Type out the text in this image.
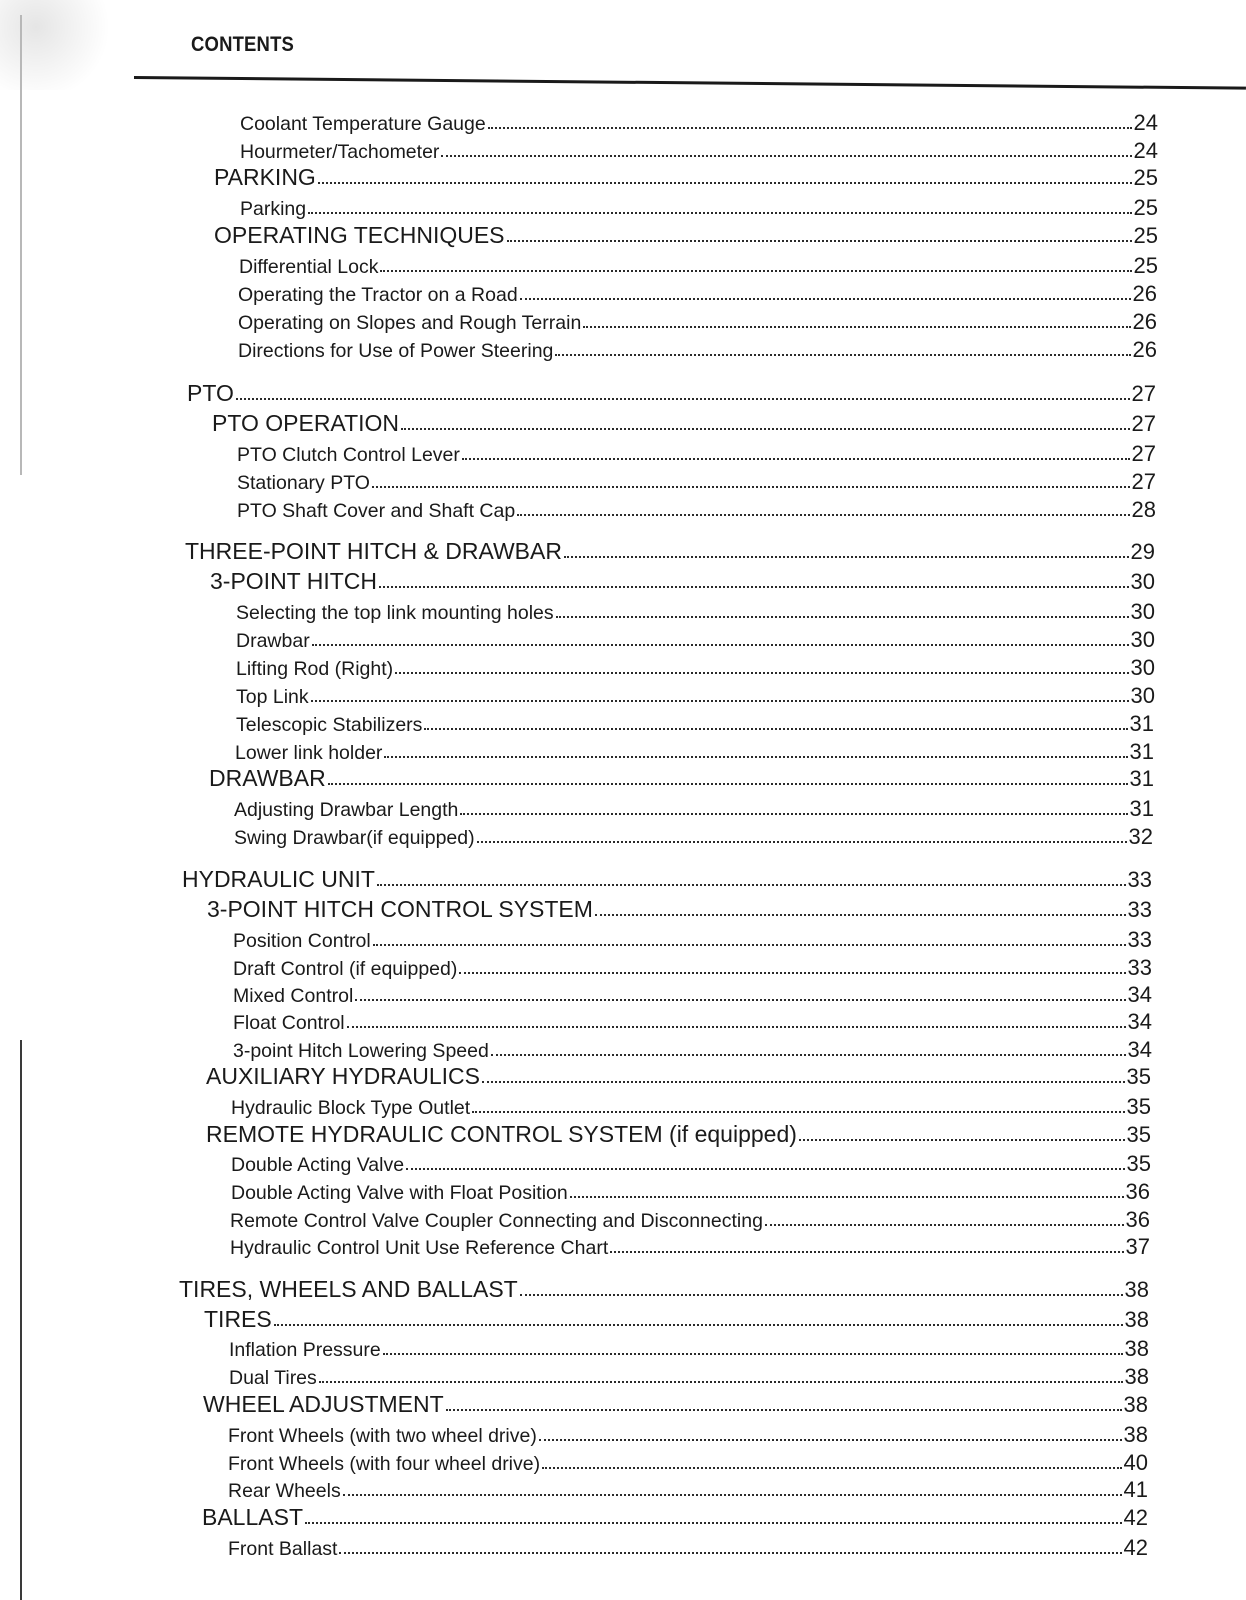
CONTENTS
Coolant Temperature Gauge	24
Hourmeter/Tachometer	24
PARKING	25
Parking	25
OPERATING TECHNIQUES	25
Differential Lock	25
Operating the Tractor on a Road	26
Operating on Slopes and Rough Terrain	26
Directions for Use of Power Steering	26
PTO	27
PTO OPERATION	27
PTO Clutch Control Lever	27
Stationary PTO	27
PTO Shaft Cover and Shaft Cap	28
THREE-POINT HITCH & DRAWBAR	29
3-POINT HITCH	30
Selecting the top link mounting holes	30
Drawbar	30
Lifting Rod (Right)	30
Top Link	30
Telescopic Stabilizers	31
Lower link holder	31
DRAWBAR	31
Adjusting Drawbar Length	31
Swing Drawbar(if equipped)	32
HYDRAULIC UNIT	33
3-POINT HITCH CONTROL SYSTEM	33
Position Control	33
Draft Control (if equipped)	33
Mixed Control	34
Float Control	34
3-point Hitch Lowering Speed	34
AUXILIARY HYDRAULICS	35
Hydraulic Block Type Outlet	35
REMOTE HYDRAULIC CONTROL SYSTEM (if equipped)	35
Double Acting Valve	35
Double Acting Valve with Float Position	36
Remote Control Valve Coupler Connecting and Disconnecting	36
Hydraulic Control Unit Use Reference Chart	37
TIRES, WHEELS AND BALLAST	38
TIRES	38
Inflation Pressure	38
Dual Tires	38
WHEEL ADJUSTMENT	38
Front Wheels (with two wheel drive)	38
Front Wheels (with four wheel drive)	40
Rear Wheels	41
BALLAST	42
Front Ballast	42
